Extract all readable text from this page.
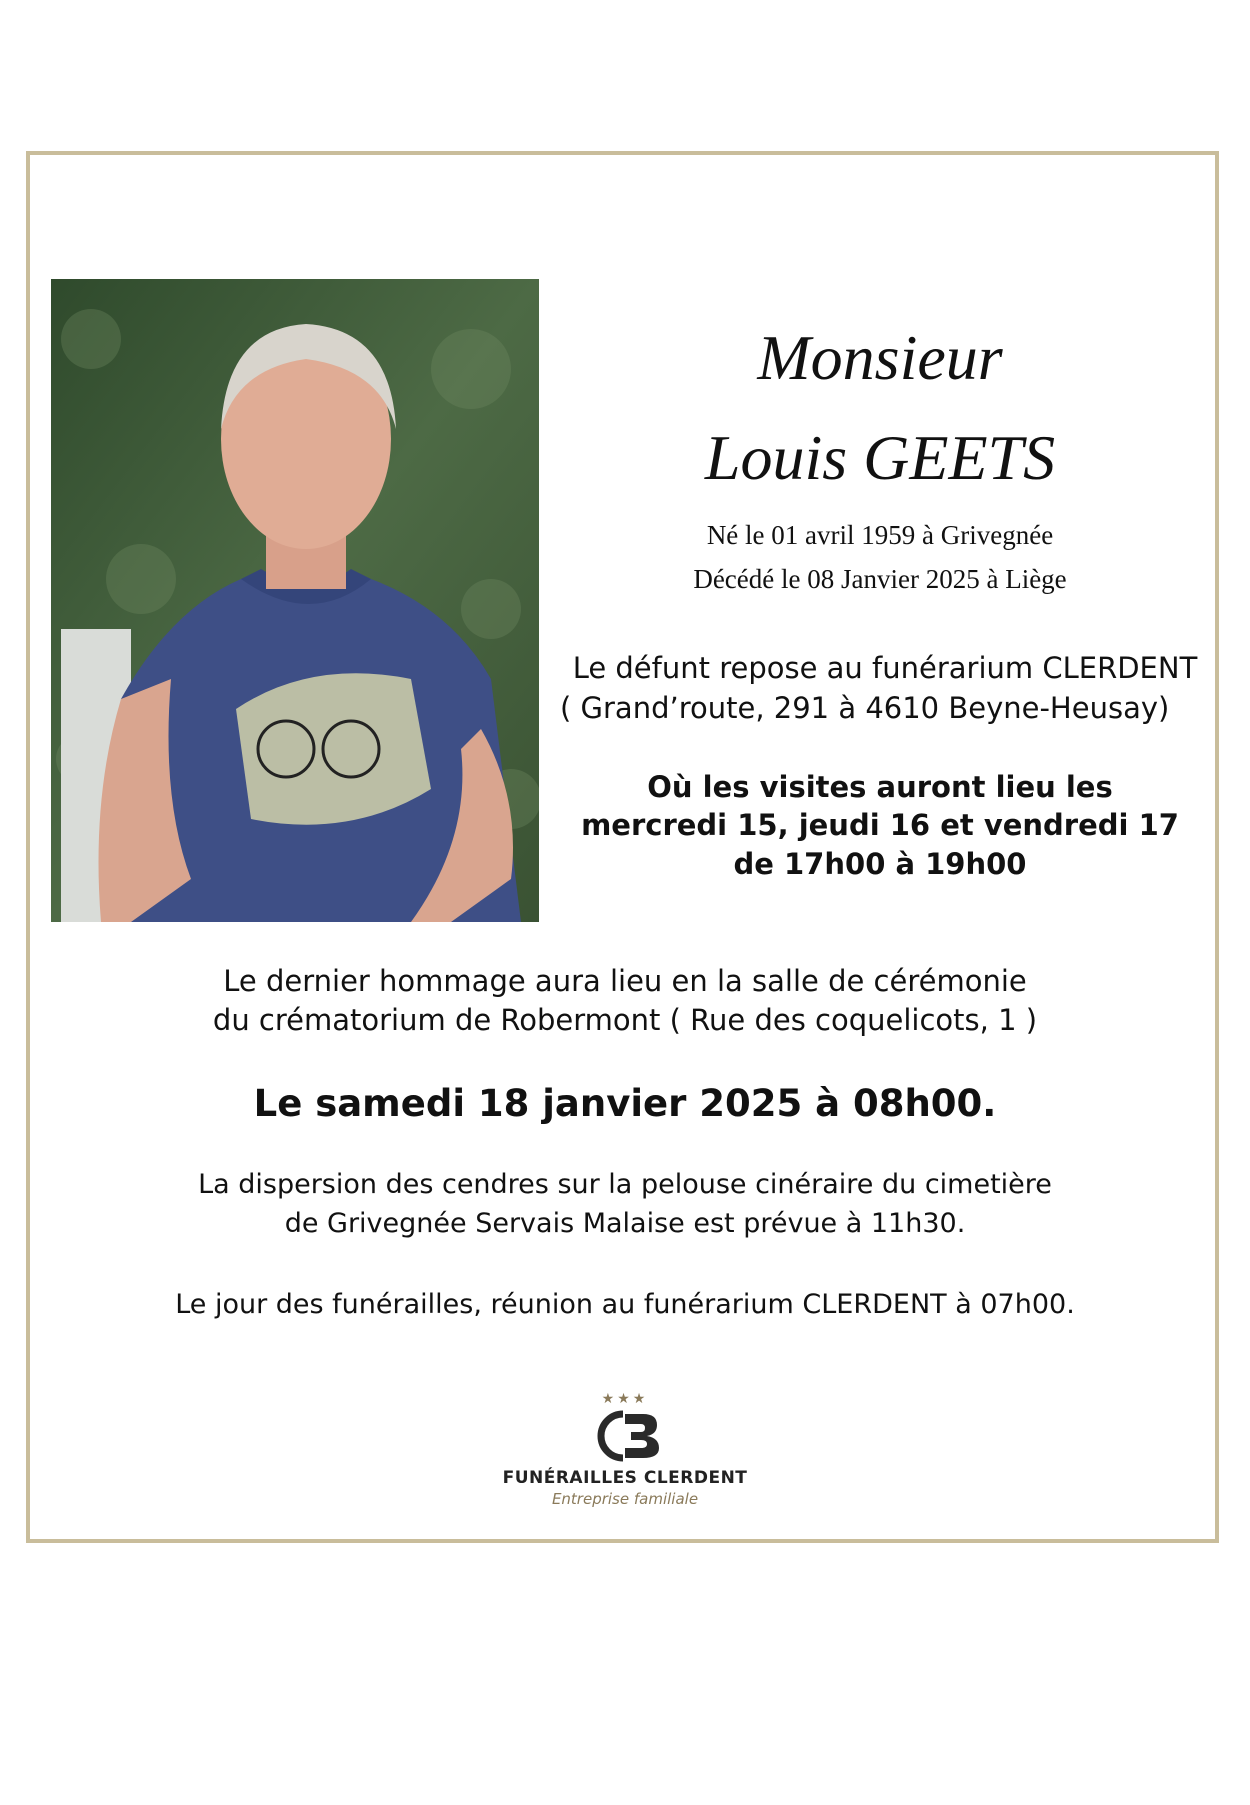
Monsieur
Louis GEETS
Né le 01 avril 1959 à Grivegnée
Décédé le 08 Janvier 2025 à Liège
Le défunt repose au funérarium CLERDENT
( Grand’route, 291 à 4610 Beyne-Heusay)
Où les visites auront lieu les
mercredi 15, jeudi 16 et vendredi 17
de 17h00 à 19h00
Le dernier hommage aura lieu en la salle de cérémonie
du crématorium de Robermont ( Rue des coquelicots, 1 )
Le samedi 18 janvier 2025 à 08h00.
La dispersion des cendres sur la pelouse cinéraire du cimetière
de Grivegnée Servais Malaise est prévue à 11h30.
Le jour des funérailles, réunion au funérarium CLERDENT à 07h00.
★★★
FUNÉRAILLES CLERDENT
Entreprise familiale
